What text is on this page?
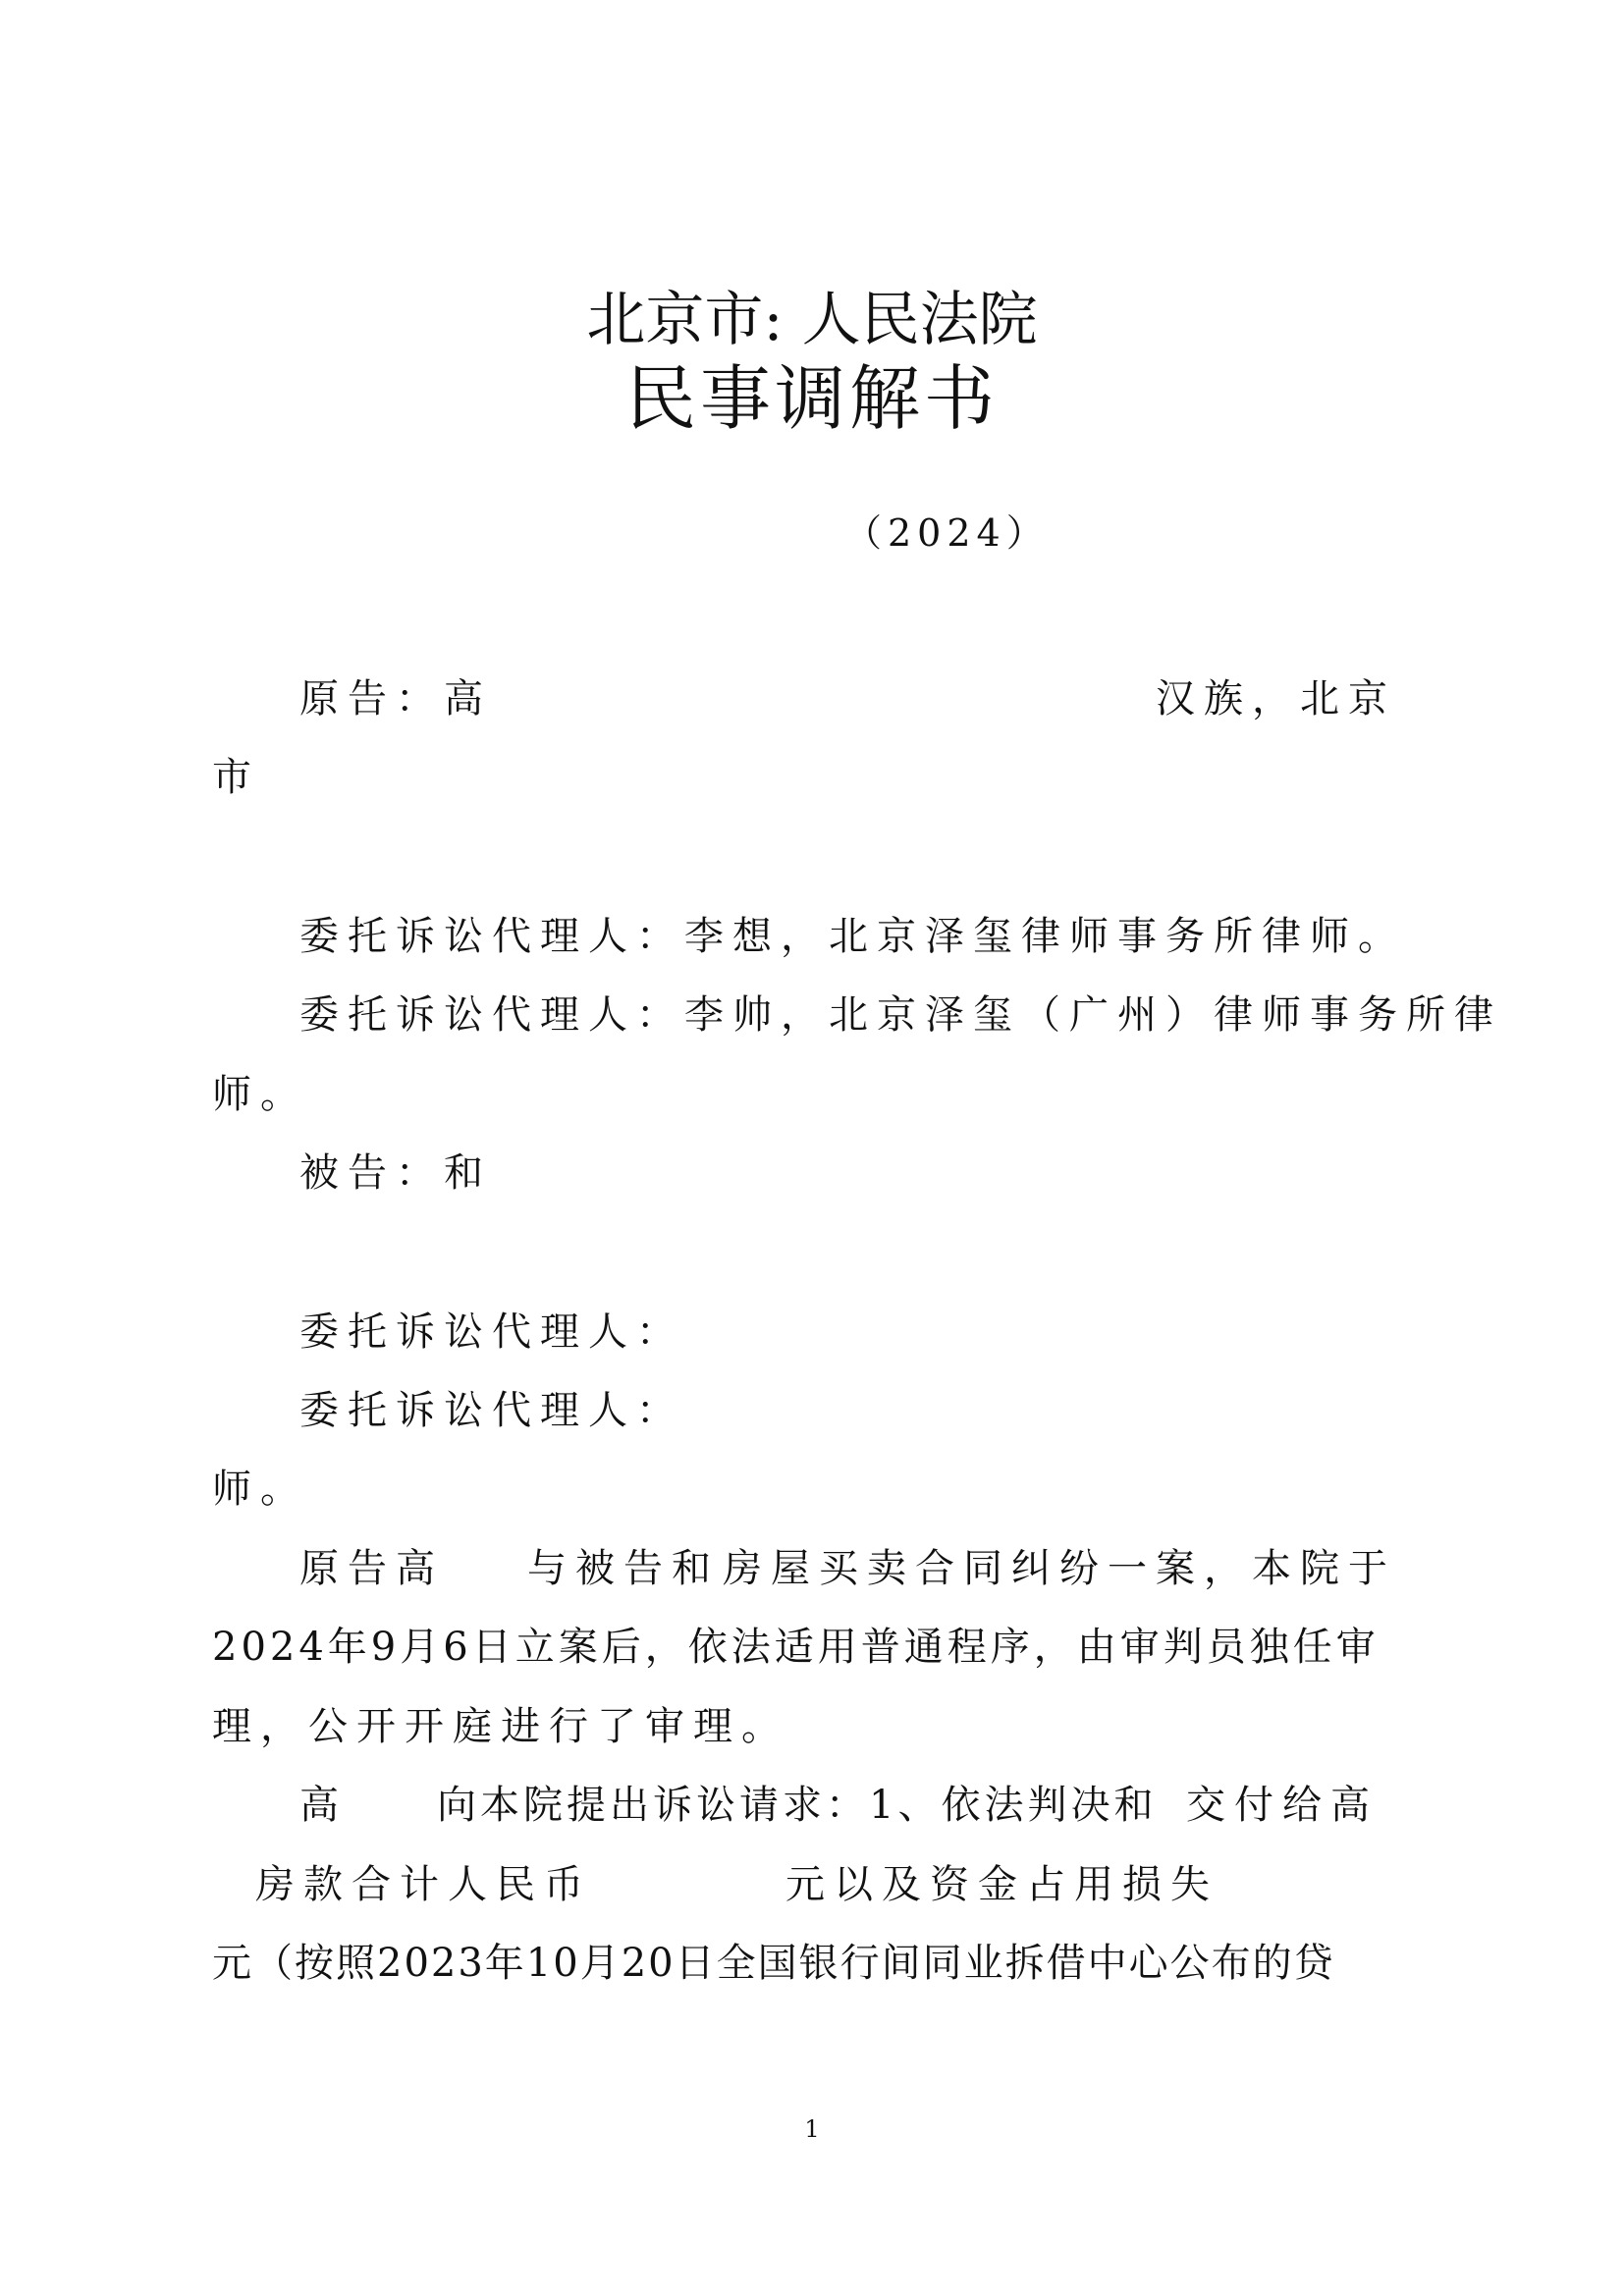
北京市: 人民法院
民事调解书
（2024）
原告：高	汉族，北京
市
委托诉讼代理人：李想，北京泽玺律师事务所律师。
委托诉讼代理人：李帅，北京泽玺（广州）律师事务所律
师。
被告：和
委托诉讼代理人：
委托诉讼代理人：
师。
原告高 与被告和 房屋买卖合同纠纷一案，本院于
2024年9月6日立案后，依法适用普通程序，由审判员独任审
理，公开开庭进行了审理。
高 向本院提出诉讼请求：1、依法判决和 交付给高
房款合计人民币	元以及资金占用损失
元（按照2023年10月20日全国银行间同业拆借中心公布的贷
1
